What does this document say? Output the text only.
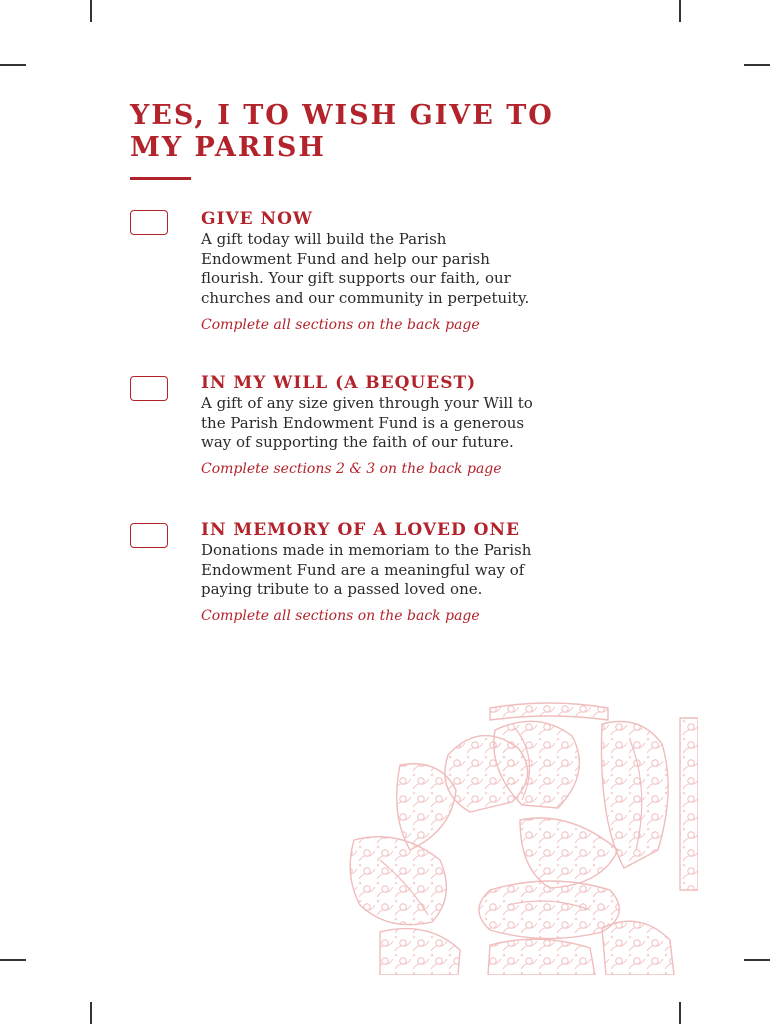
YES, I TO WISH GIVE TO
MY PARISH

GIVE NOW

A gift today will build the Parish
Endowment Fund and help our parish
flourish. Your gift supports our faith, our
churches and our community in perpetuity.

Complete all sections on the back page

IN MY WILL (A BEQUEST)

A gift of any size given through your Will to
the Parish Endowment Fund is a generous
way of supporting the faith of our future.

Complete sections 2 & 3 on the back page

IN MEMORY OF A LOVED ONE

Donations made in memoriam to the Parish
Endowment Fund are a meaningful way of
paying tribute to a passed loved one.

Complete all sections on the back page
